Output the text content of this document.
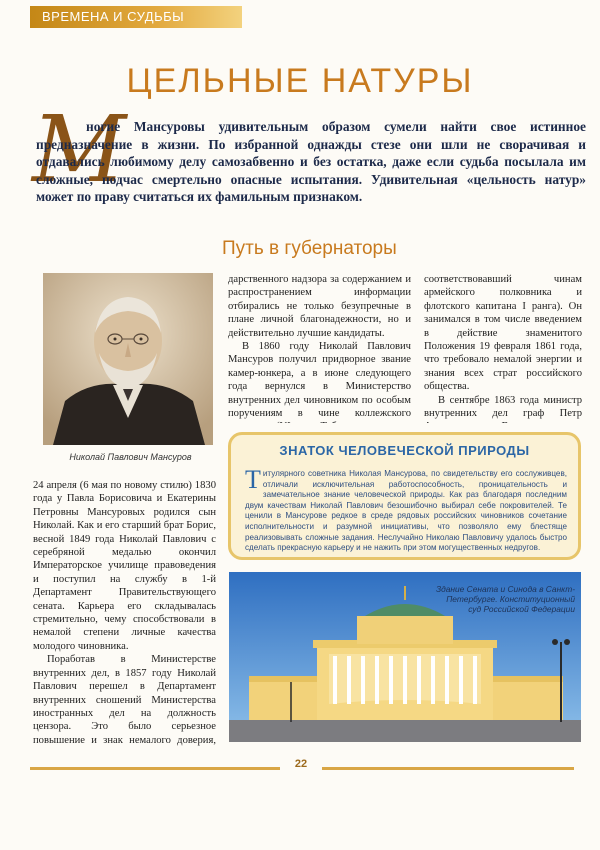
ВРЕМЕНА И СУДЬБЫ
ЦЕЛЬНЫЕ НАТУРЫ
М

ногие Мансуровы удивительным образом сумели найти свое истинное предназначение в жизни. По избранной однажды стезе они шли не сворачивая и отдавались любимому делу самозабвенно и без остатка, даже если судьба посылала им сложные, подчас смертельно опасные испытания. Удивительная «цельность натур» может по праву считаться их фамильным признаком.

Путь в губернаторы
Николай Павлович Мансуров

24 апреля (6 мая по новому стилю) 1830 года у Павла Борисовича и Екатерины Петровны Мансуровых родился сын Николай. Как и его старший брат Борис, весной 1849 года Николай Павлович с серебряной медалью окончил Императорское училище правоведения и поступил на службу в 1-й Департамент Правительствующего сената. Карьера его складывалась стремительно, чему способствовали в немалой степени личные качества молодого чиновника.

Поработав в Министерстве внутренних дел, в 1857 году Николай Павлович перешел в Департамент внутренних сношений Министерства иностранных дел на должность цензора. Это было серьезное повышение и знак немалого доверия,

дарственного надзора за содержанием и распространением информации отбирались не только безупречные в плане личной благонадежности, но и действительно лучшие кандидаты.

В 1860 году Николай Павлович Мансуров получил придворное звание камер-юнкера, а в июне следующего года вернулся в Министерство внутренних дел чиновником по особым поручениям в чине коллежского

соответствовавший чинам армейского полковника и флотского капитана I ранга). Он занимался в том числе введением в действие знаменитого Положения 19 февраля 1861 года, что требовало немалой энергии и знания всех страт российского общества.

В сентябре 1863 года министр внутренних дел граф Петр

ЗНАТОК ЧЕЛОВЕЧЕСКОЙ ПРИРОДЫ

Титулярного советника Николая Мансурова, по свидетельству его сослуживцев, отличали исключительная работоспособность, проницательность и замечательное знание человеческой природы. Как раз благодаря последним двум качествам Николай Павлович безошибочно выбирал себе покровителей. Те ценили в Мансурове редкое в среде рядовых российских чиновников сочетание исполнительности и разумной инициативы, что позволяло ему блестяще реализовывать сложные задания. Неслучайно Николаю Павловичу удалось быстро сделать прекрасную карьеру и не нажить при этом могущественных недругов.

Здание Сената и Синода в Санкт-Петербурге. Конституционный суд Российской Федерации
22
